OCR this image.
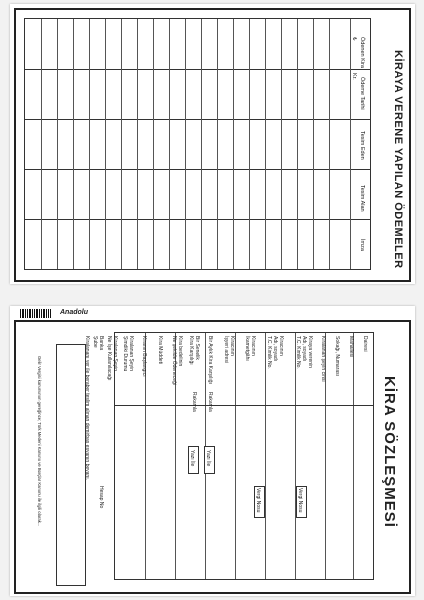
Ödenen Kira
₺
Kr.
Ödeme Tarihi
Tesim Eden
Tesim Alan
İmza KİRAYA VERENE YAPILAN ÖDEMELER
Anadolu
Dairesi
Mahallesi
Sokağı, Numarası
Kiralanan şeyin cinsi
Kiraya verenin
Adı, soyadı
T.C. Kimlik No.
Kiracının
Adı, soyadı
T.C. Kimlik No.
Kiracının
İkametgâhı
Kiracının
İşyeri adresi
Vergi Nosu
Vergi Nosu
Bir Aylık Kira Karşılığı
Bir Senelik
Kira Karşılığı
Kira bedelinin
Ne şekilde Ödeneceği
Kira Müddeti
Kiranın Başlangıcı
Kiralanan Şeyin
Şimdiki Durumu
Kiralanan Şeyin
Ne İşe Kullanılacağı
Rakamla
Rakamla
Yazı İle
Yazı İle
Banka
Şube
Hesap No
Kiralananı yer ile beraber teslim alınan demirbaş eşyanın beyanı.
Gelir Vergisi kanununun gereğince; Türk Medeni Kanunu ve Borçlar Kanunu ile ilgili olarak...	KİRA SÖZLEŞMESİ
